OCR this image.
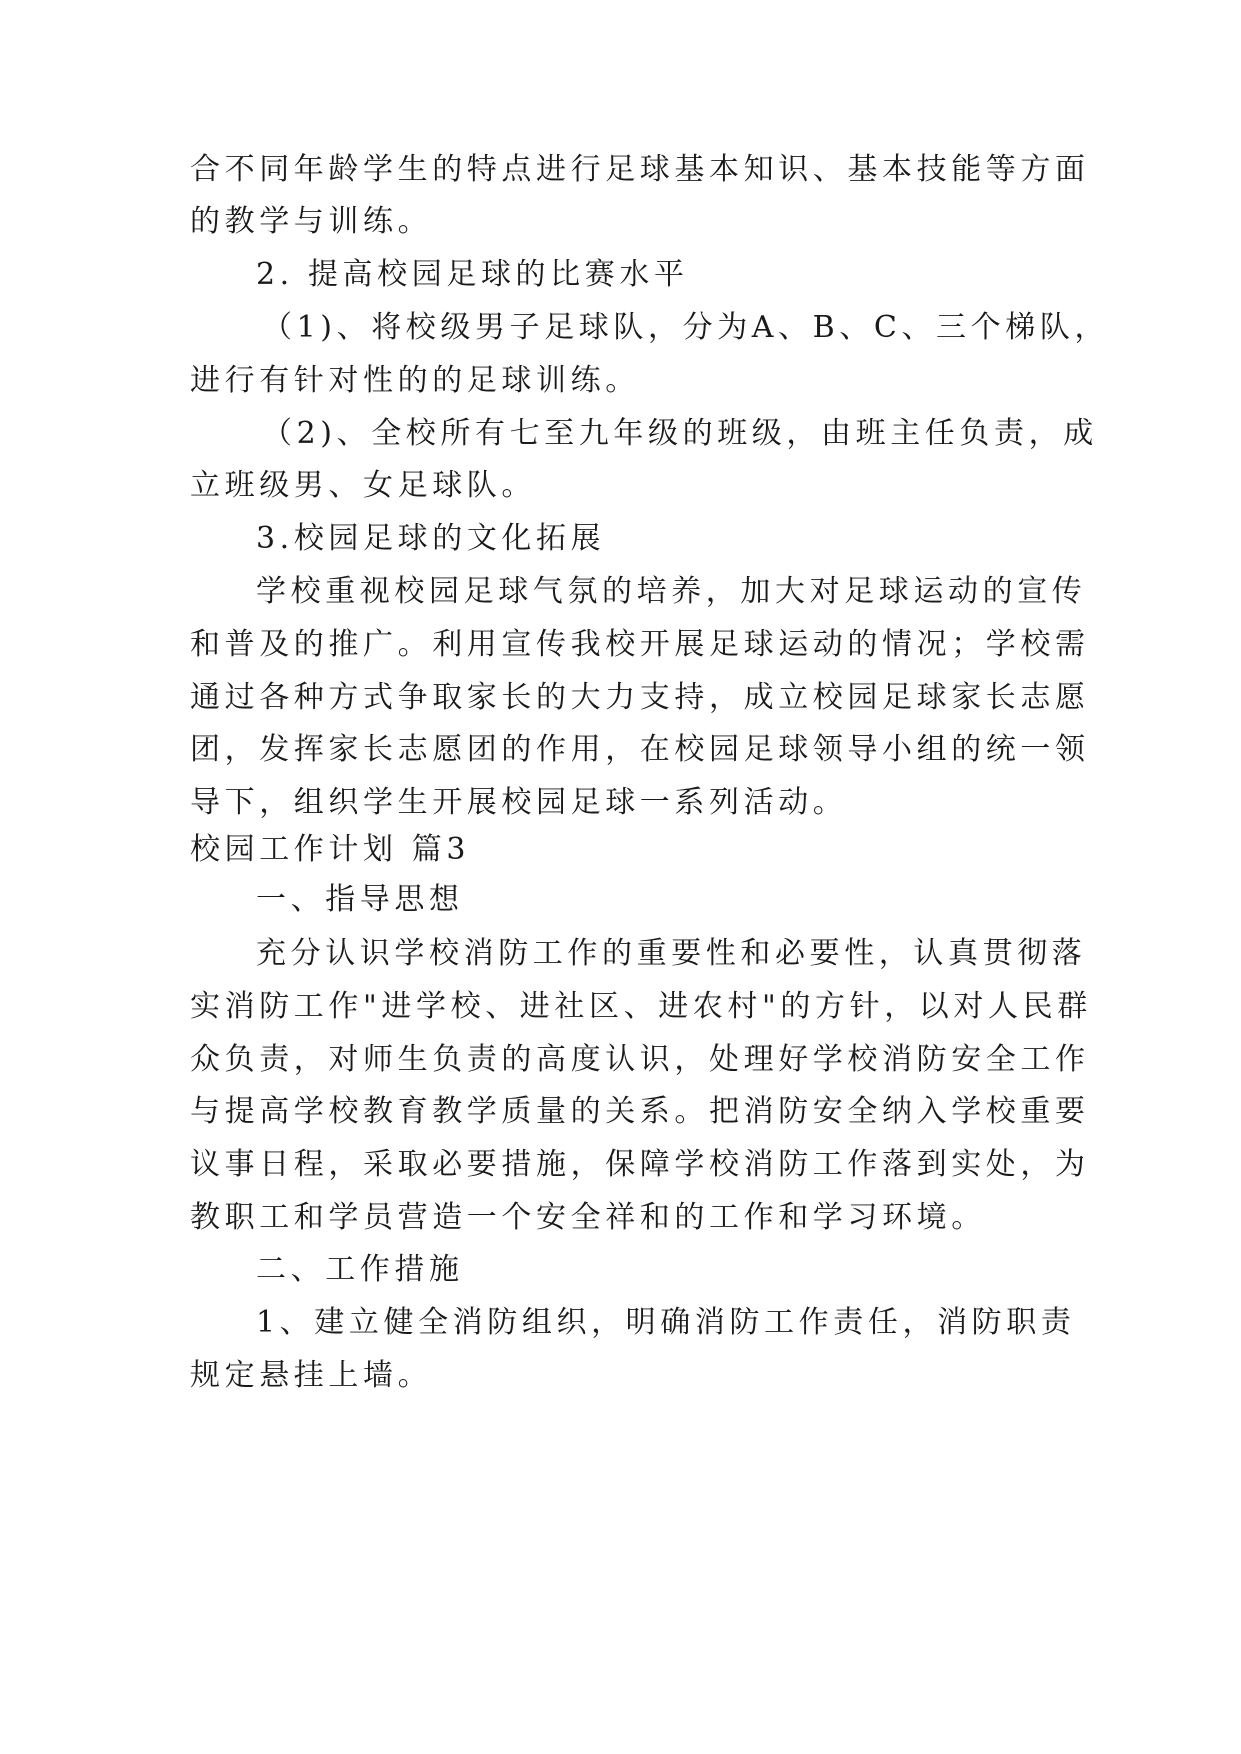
合不同年龄学生的特点进行足球基本知识、基本技能等方面
的教学与训练。
2. 提高校园足球的比赛水平
（1)、将校级男子足球队，分为A、B、C、三个梯队，
进行有针对性的的足球训练。
（2)、全校所有七至九年级的班级，由班主任负责，成
立班级男、女足球队。
3.校园足球的文化拓展
学校重视校园足球气氛的培养，加大对足球运动的宣传
和普及的推广。利用宣传我校开展足球运动的情况；学校需
通过各种方式争取家长的大力支持，成立校园足球家长志愿
团，发挥家长志愿团的作用，在校园足球领导小组的统一领
导下，组织学生开展校园足球一系列活动。
校园工作计划 篇3
一、指导思想
充分认识学校消防工作的重要性和必要性，认真贯彻落
实消防工作"进学校、进社区、进农村"的方针，以对人民群
众负责，对师生负责的高度认识，处理好学校消防安全工作
与提高学校教育教学质量的关系。把消防安全纳入学校重要
议事日程，采取必要措施，保障学校消防工作落到实处，为
教职工和学员营造一个安全祥和的工作和学习环境。
二、工作措施
1、建立健全消防组织，明确消防工作责任，消防职责
规定悬挂上墙。
